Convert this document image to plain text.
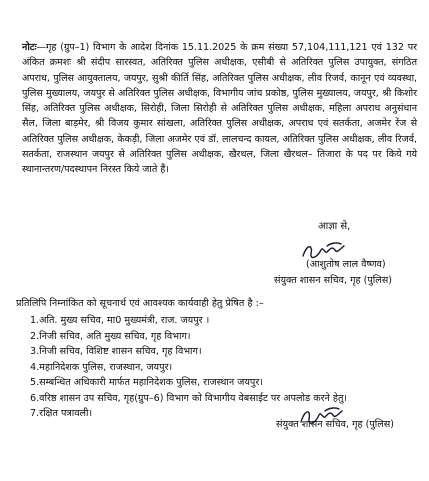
नोटः—गृह (ग्रुप–1) विभाग के आदेश दिनांक 15.11.2025 के क्रम संख्या 57,104,111,121 एवं 132 पर अंकित क्रमशः श्री संदीप सारस्वत, अतिरिक्त पुलिस अधीक्षक, एसीबी से अतिरिक्त पुलिस उपायुक्त, संगठित अपराध, पुलिस आयुक्तालय, जयपुर, सुश्री कीर्ति सिंह, अतिरिक्त पुलिस अधीक्षक, लीव रिजर्व, कानून एवं व्यवस्था, पुलिस मुख्यालय, जयपुर से अतिरिक्त पुलिस अधीक्षक, विभागीय जांच प्रकोष्ठ, पुलिस मुख्यालय, जयपुर, श्री किशोर सिंह, अतिरिक्त पुलिस अधीक्षक, सिरोही, जिला सिरोही से अतिरिक्त पुलिस अधीक्षक, महिला अपराध अनुसंधान सैल, जिला बाड़मेर, श्री विजय कुमार सांखला, अतिरिक्त पुलिस अधीक्षक, अपराध एवं सतर्कता, अजमेर रेंज से अतिरिक्त पुलिस अधीक्षक, केकड़ी, जिला अजमेर एवं डॉ. लालचन्द कायल, अतिरिक्त पुलिस अधीक्षक, लीव रिजर्व, सतर्कता, राजस्थान जयपुर से अतिरिक्त पुलिस अधीक्षक, खैरथल, जिला खैरथल– तिजारा के पद पर किये गये स्थानान्तरण/पदस्थापन निरस्त किये जाते हैं।
आज्ञा से,
(आशुतोष लाल वैष्णव)
संयुक्त शासन सचिव, गृह (पुलिस)
प्रतिलिपि निम्नांकित को सूचनार्थ एवं आवश्यक कार्यवाही हेतु प्रेषित है :–
1.अति. मुख्य सचिव, मा0 मुख्यमंत्री, राज. जयपुर ।
2.निजी सचिव, अति मुख्य सचिव, गृह विभाग।
3.निजी सचिव, विशिष्ट शासन सचिव, गृह विभाग।
4.महानिदेशक पुलिस, राजस्थान, जयपुर।
5.सम्बन्धित अधिकारी मार्फत महानिदेशक पुलिस, राजस्थान जयपुर।
6.वरिष्ठ शासन उप सचिव, गृह(ग्रुप–6) विभाग को विभागीय वेबसाईट पर अपलोड करने हेतु।
7.रक्षित पत्रावली।
संयुक्त शासन सचिव, गृह (पुलिस)
